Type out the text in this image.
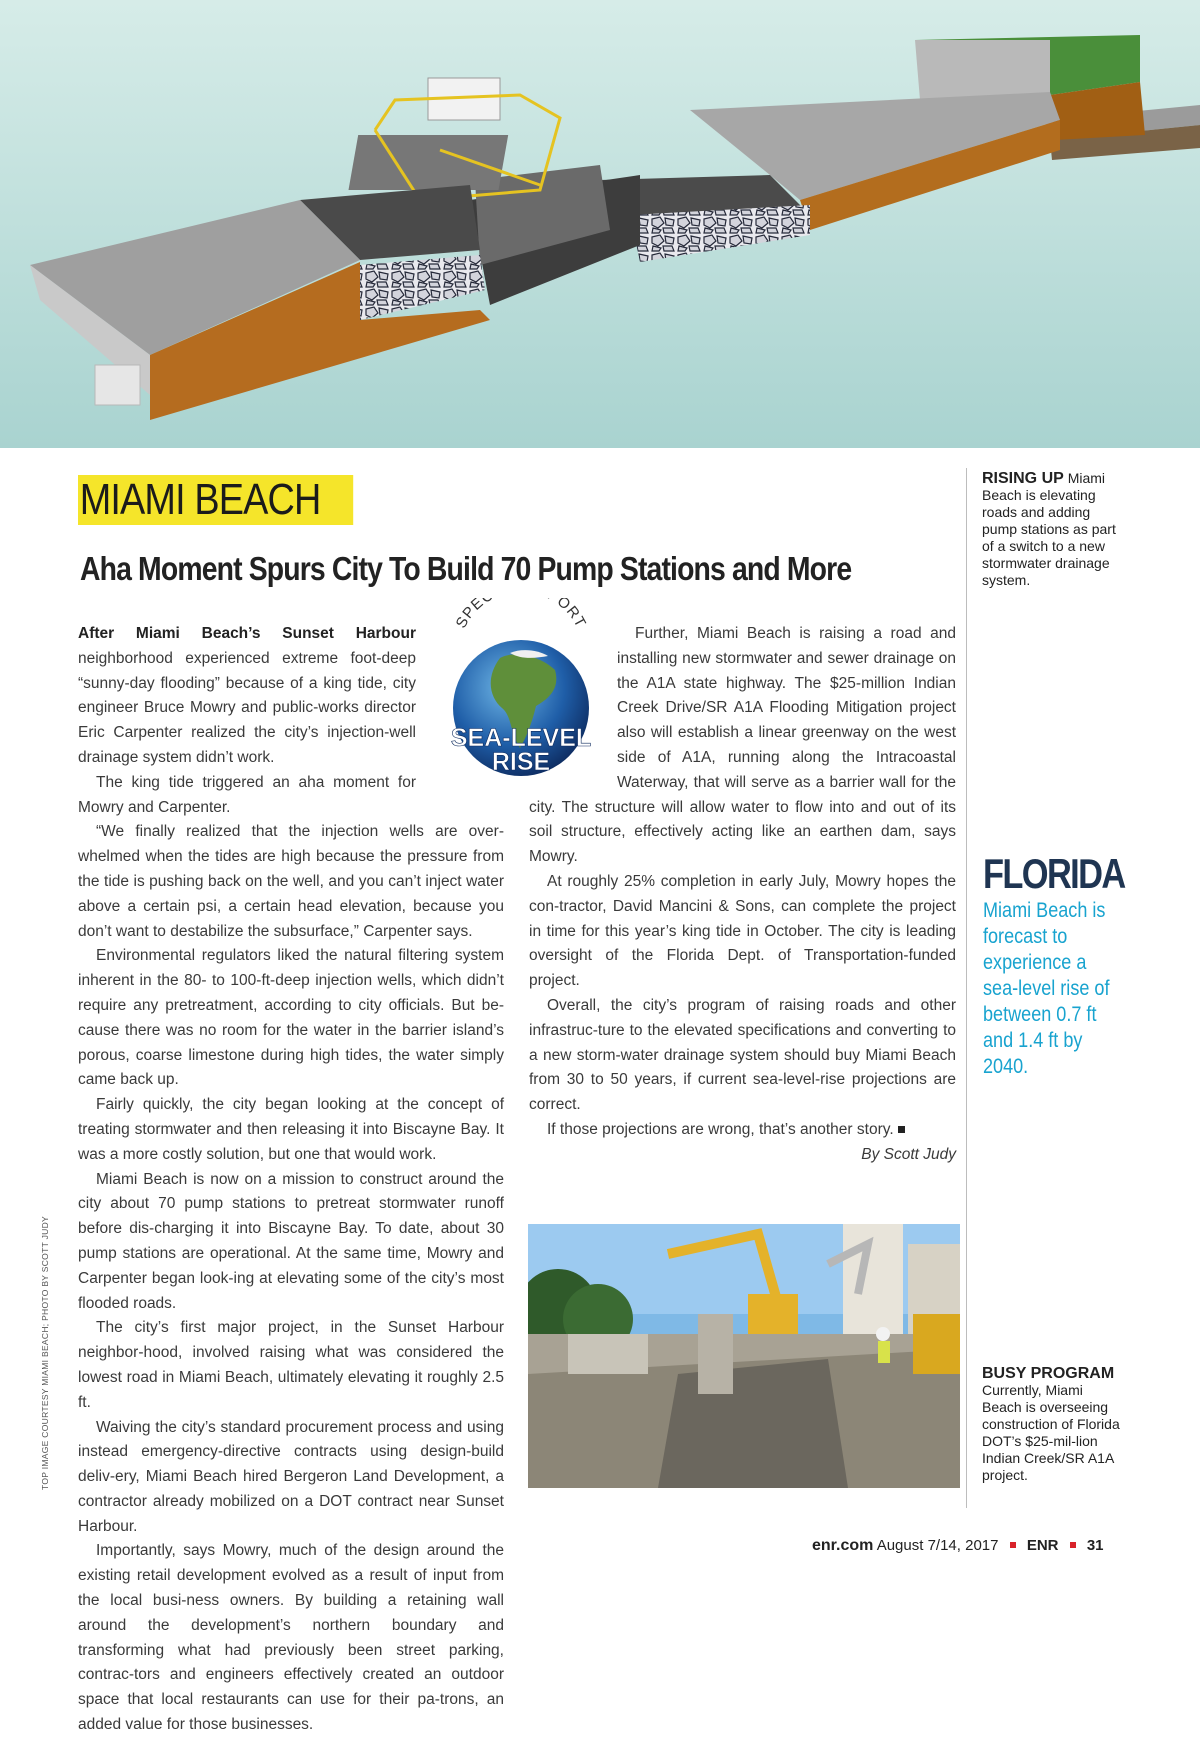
MIAMI BEACH
Aha Moment Spurs City To Build 70 Pump Stations and More
SPE ORT
SEA-LEVEL
RISE

After Miami Beach’s Sunset Harbour neighborhood experienced extreme foot-deep “sunny-day flooding” because of a king tide, city engineer Bruce Mowry and public-works director Eric Carpenter realized the city’s injection-well drainage system didn’t work.

The king tide triggered an aha moment for Mowry and Carpenter.

“We finally realized that the injection wells are over-whelmed when the tides are high because the pressure from the tide is pushing back on the well, and you can’t inject water above a certain psi, a certain head elevation, because you don’t want to destabilize the subsurface,” Carpenter says.

Environmental regulators liked the natural filtering system inherent in the 80- to 100-ft-deep injection wells, which didn’t require any pretreatment, according to city officials. But be-cause there was no room for the water in the barrier island’s porous, coarse limestone during high tides, the water simply came back up.

Fairly quickly, the city began looking at the concept of treating stormwater and then releasing it into Biscayne Bay. It was a more costly solution, but one that would work.

Miami Beach is now on a mission to construct around the city about 70 pump stations to pretreat stormwater runoff before dis-charging it into Biscayne Bay. To date, about 30 pump stations are operational. At the same time, Mowry and Carpenter began look-ing at elevating some of the city’s most flooded roads.

The city’s first major project, in the Sunset Harbour neighbor-hood, involved raising what was considered the lowest road in Miami Beach, ultimately elevating it roughly 2.5 ft.

Waiving the city’s standard procurement process and using instead emergency-directive contracts using design-build deliv-ery, Miami Beach hired Bergeron Land Development, a contractor already mobilized on a DOT contract near Sunset Harbour.

Importantly, says Mowry, much of the design around the existing retail development evolved as a result of input from the local busi-ness owners. By building a retaining wall around the development’s northern boundary and transforming what had previously been street parking, contrac-tors and engineers effectively created an outdoor space that local restaurants can use for their pa-trons, an added value for those businesses.

Further, Miami Beach is raising a road and installing new stormwater and sewer drainage on the A1A state highway. The $25-million Indian Creek Drive/SR A1A Flooding Mitigation project also will establish a linear greenway on the west side of A1A, running along the Intracoastal Waterway, that will serve as a barrier wall for the city. The structure will allow water to flow into and out of its soil structure, effectively acting like an earthen dam, says Mowry.

At roughly 25% completion in early July, Mowry hopes the con-tractor, David Mancini & Sons, can complete the project in time for this year’s king tide in October. The city is leading oversight of the Florida Dept. of Transportation-funded project.

Overall, the city’s program of raising roads and other infrastruc-ture to the elevated specifications and converting to a new storm-water drainage system should buy Miami Beach from 30 to 50 years, if current sea-level-rise projections are correct.

If those projections are wrong, that’s another story.

By Scott Judy

RISING UP Miami Beach is elevating roads and adding pump stations as part of a switch to a new stormwater drainage system.
FLORIDA
Miami Beach is forecast to experience a sea-level rise of between 0.7 ft and 1.4 ft by 2040.
BUSY PROGRAM
Currently, Miami Beach is overseeing construction of Florida DOT’s $25-mil-lion Indian Creek/SR A1A project.
TOP IMAGE COURTESY MIAMI BEACH; PHOTO BY SCOTT JUDY
enr.com August 7/14, 2017 ENR 31
